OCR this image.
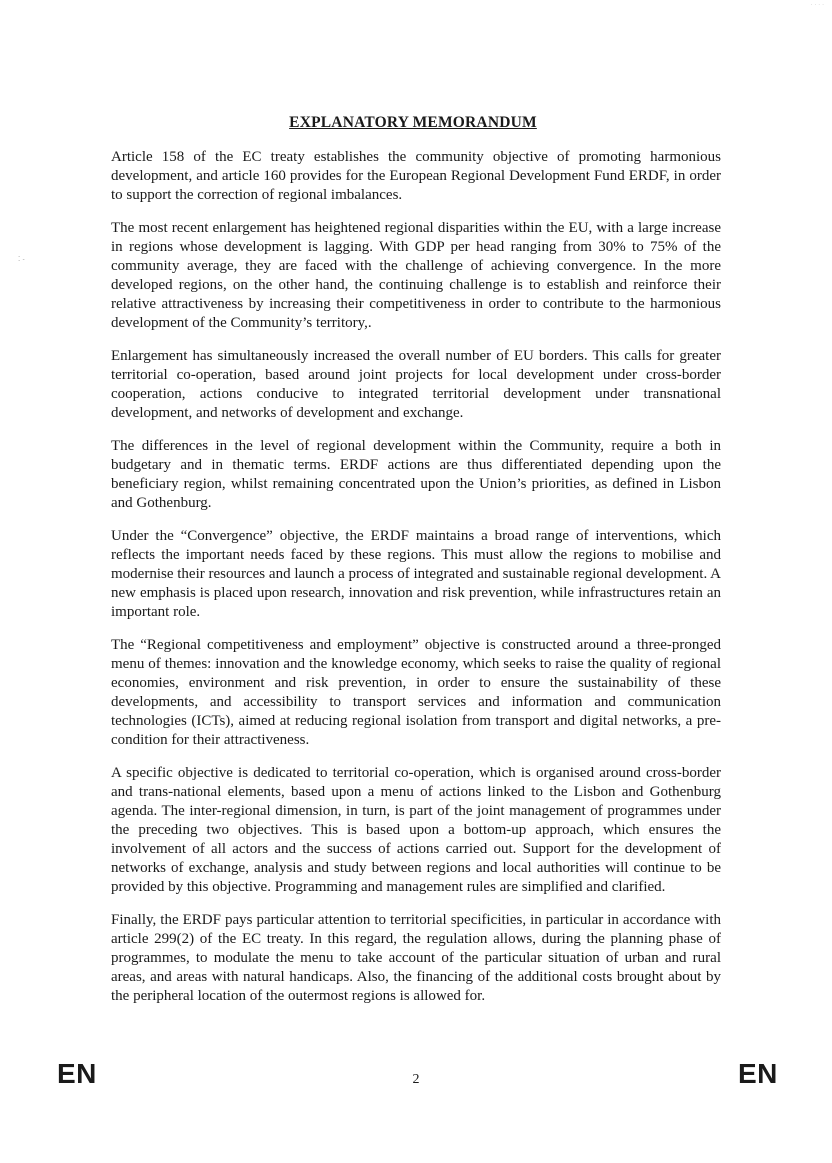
· · · ·
⁚ ˗
EXPLANATORY MEMORANDUM

Article 158 of the EC treaty establishes the community objective of promoting harmonious development, and article 160 provides for the European Regional Development Fund ERDF, in order to support the correction of regional imbalances.

The most recent enlargement has heightened regional disparities within the EU, with a large increase in regions whose development is lagging. With GDP per head ranging from 30% to 75% of the community average, they are faced with the challenge of achieving convergence. In the more developed regions, on the other hand, the continuing challenge is to establish and reinforce their relative attractiveness by increasing their competitiveness in order to contribute to the harmonious development of the Community’s territory,.

Enlargement has simultaneously increased the overall number of EU borders. This calls for greater territorial co-operation, based around joint projects for local development under cross-border cooperation, actions conducive to integrated territorial development under transnational development, and networks of development and exchange.

The differences in the level of regional development within the Community, require a both in budgetary and in thematic terms. ERDF actions are thus differentiated depending upon the beneficiary region, whilst remaining concentrated upon the Union’s priorities, as defined in Lisbon and Gothenburg.

Under the “Convergence” objective, the ERDF maintains a broad range of interventions, which reflects the important needs faced by these regions. This must allow the regions to mobilise and modernise their resources and launch a process of integrated and sustainable regional development. A new emphasis is placed upon research, innovation and risk prevention, while infrastructures retain an important role.

The “Regional competitiveness and employment” objective is constructed around a three-pronged menu of themes: innovation and the knowledge economy, which seeks to raise the quality of regional economies, environment and risk prevention, in order to ensure the sustainability of these developments, and accessibility to transport services and information and communication technologies (ICTs), aimed at reducing regional isolation from transport and digital networks, a pre-condition for their attractiveness.

A specific objective is dedicated to territorial co-operation, which is organised around cross-border and trans-national elements, based upon a menu of actions linked to the Lisbon and Gothenburg agenda. The inter-regional dimension, in turn, is part of the joint management of programmes under the preceding two objectives. This is based upon a bottom-up approach, which ensures the involvement of all actors and the success of actions carried out. Support for the development of networks of exchange, analysis and study between regions and local authorities will continue to be provided by this objective. Programming and management rules are simplified and clarified.

Finally, the ERDF pays particular attention to territorial specificities, in particular in accordance with article 299(2) of the EC treaty. In this regard, the regulation allows, during the planning phase of programmes, to modulate the menu to take account of the particular situation of urban and rural areas, and areas with natural handicaps. Also, the financing of the additional costs brought about by the peripheral location of the outermost regions is allowed for.

EN	2	EN
